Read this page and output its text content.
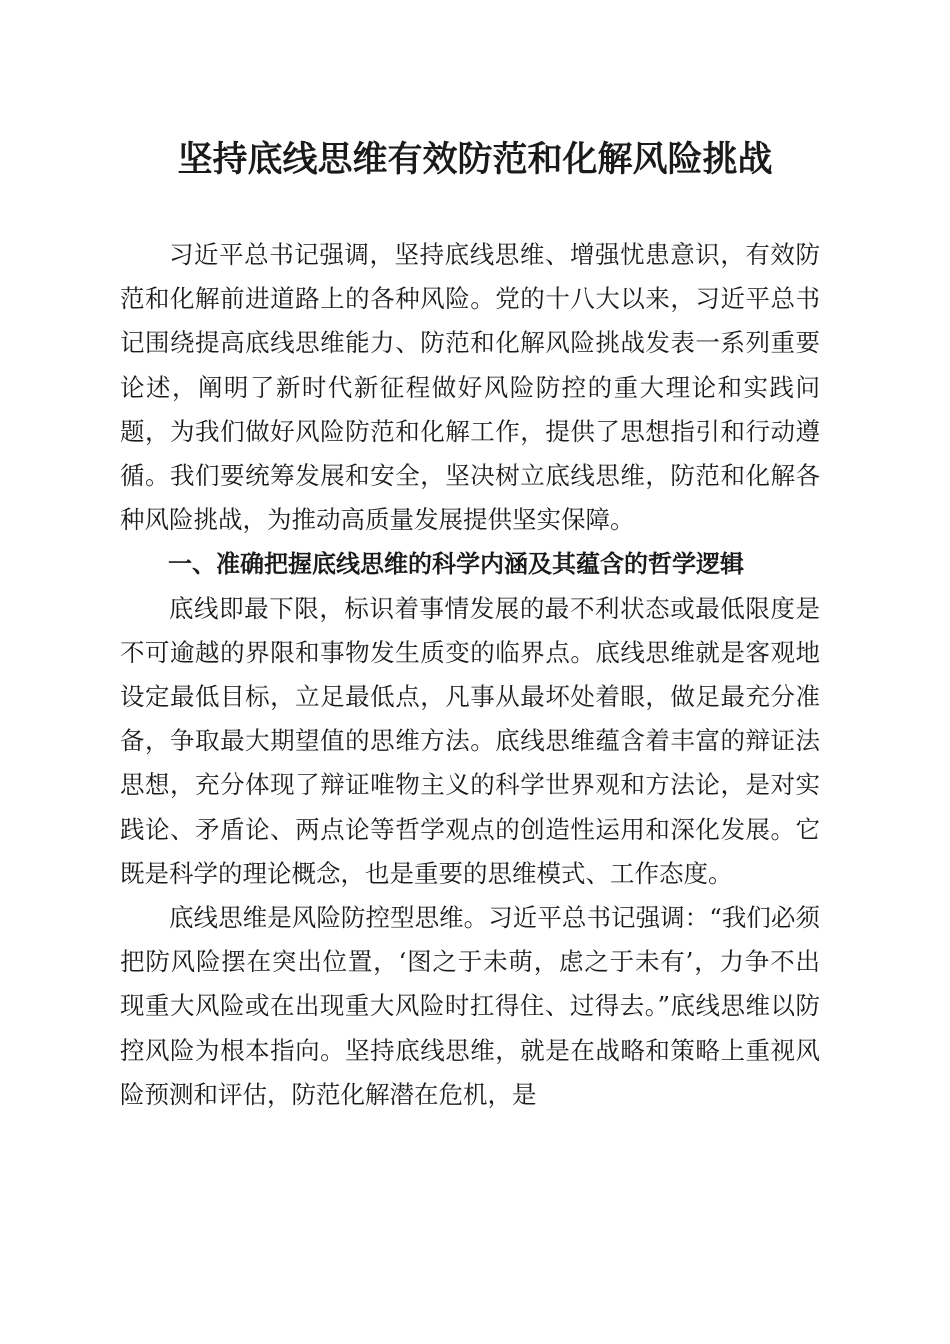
坚持底线思维有效防范和化解风险挑战

习近平总书记强调，坚持底线思维、增强忧患意识，有效防范和化解前进道路上的各种风险。党的十八大以来，习近平总书记围绕提高底线思维能力、防范和化解风险挑战发表一系列重要论述，阐明了新时代新征程做好风险防控的重大理论和实践问题，为我们做好风险防范和化解工作，提供了思想指引和行动遵循。我们要统筹发展和安全，坚决树立底线思维，防范和化解各种风险挑战，为推动高质量发展提供坚实保障。

一、准确把握底线思维的科学内涵及其蕴含的哲学逻辑

底线即最下限，标识着事情发展的最不利状态或最低限度是不可逾越的界限和事物发生质变的临界点。底线思维就是客观地设定最低目标，立足最低点，凡事从最坏处着眼，做足最充分准备，争取最大期望值的思维方法。底线思维蕴含着丰富的辩证法思想，充分体现了辩证唯物主义的科学世界观和方法论，是对实践论、矛盾论、两点论等哲学观点的创造性运用和深化发展。它既是科学的理论概念，也是重要的思维模式、工作态度。

底线思维是风险防控型思维。习近平总书记强调：“我们必须把防风险摆在突出位置，‘图之于未萌，虑之于未有’，力争不出现重大风险或在出现重大风险时扛得住、过得去。”底线思维以防控风险为根本指向。坚持底线思维，就是在战略和策略上重视风险预测和评估，防范化解潜在危机，是
